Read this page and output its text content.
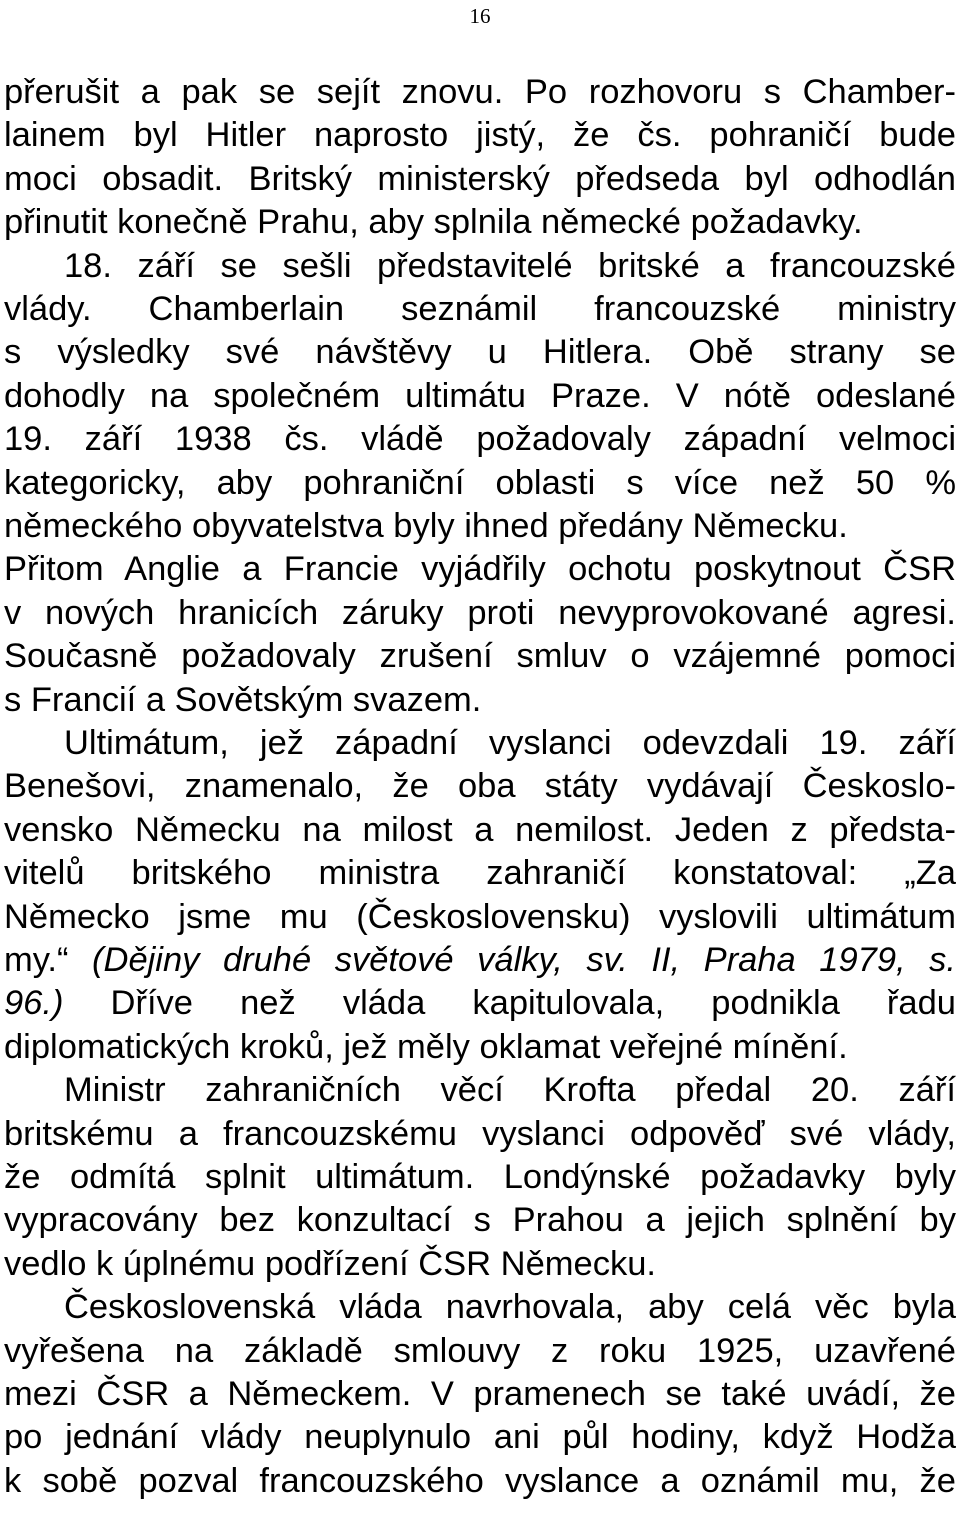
16
přerušit a pak se sejít znovu. Po rozhovoru s Chamber-
lainem byl Hitler naprosto jistý, že čs. pohraničí bude
moci obsadit. Britský ministerský předseda byl odhodlán
přinutit konečně Prahu, aby splnila německé požadavky.
18. září se sešli představitelé britské a francouzské
vlády. Chamberlain seznámil francouzské ministry
s výsledky své návštěvy u Hitlera. Obě strany se
dohodly na společném ultimátu Praze. V nótě odeslané
19. září 1938 čs. vládě požadovaly západní velmoci
kategoricky, aby pohraniční oblasti s více než 50 %
německého obyvatelstva byly ihned předány Německu.
Přitom Anglie a Francie vyjádřily ochotu poskytnout ČSR
v nových hranicích záruky proti nevyprovokované agresi.
Současně požadovaly zrušení smluv o vzájemné pomoci
s Francií a Sovětským svazem.
Ultimátum, jež západní vyslanci odevzdali 19. září
Benešovi, znamenalo, že oba státy vydávají Českoslo-
vensko Německu na milost a nemilost. Jeden z předsta-
vitelů britského ministra zahraničí konstatoval: „Za
Německo jsme mu (Československu) vyslovili ultimátum
my.“ (Dějiny druhé světové války, sv. II, Praha 1979, s.
96.) Dříve než vláda kapitulovala, podnikla řadu
diplomatických kroků, jež měly oklamat veřejné mínění.
Ministr zahraničních věcí Krofta předal 20. září
britskému a francouzskému vyslanci odpověď své vlády,
že odmítá splnit ultimátum. Londýnské požadavky byly
vypracovány bez konzultací s Prahou a jejich splnění by
vedlo k úplnému podřízení ČSR Německu.
Československá vláda navrhovala, aby celá věc byla
vyřešena na základě smlouvy z roku 1925, uzavřené
mezi ČSR a Německem. V pramenech se také uvádí, že
po jednání vlády neuplynulo ani půl hodiny, když Hodža
k sobě pozval francouzského vyslance a oznámil mu, že
